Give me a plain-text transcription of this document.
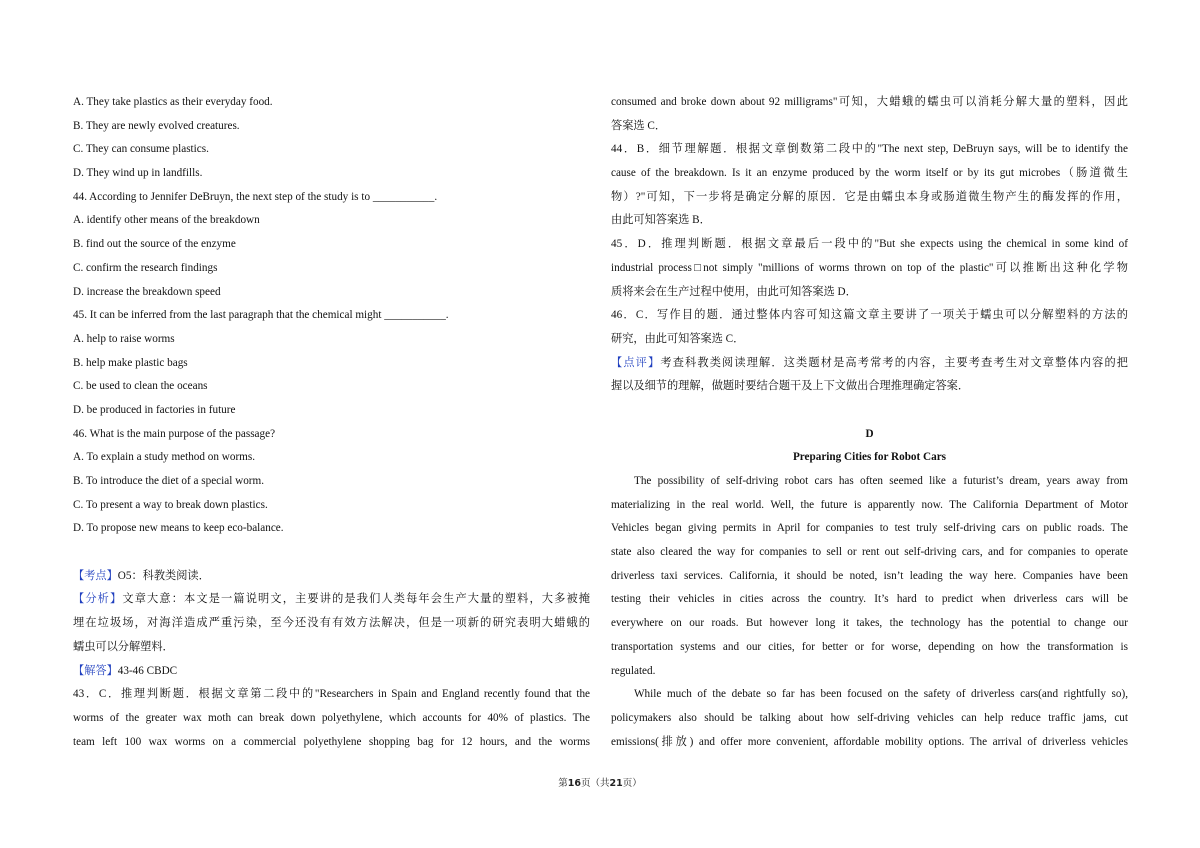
A. They take plastics as their everyday food.
B. They are newly evolved creatures.
C. They can consume plastics.
D. They wind up in landfills.
44. According to Jennifer DeBruyn, the next step of the study is to ___________.
A. identify other means of the breakdown
B. find out the source of the enzyme
C. confirm the research findings
D. increase the breakdown speed
45. It can be inferred from the last paragraph that the chemical might ___________.
A. help to raise worms
B. help make plastic bags
C. be used to clean the oceans
D. be produced in factories in future
46. What is the main purpose of the passage?
A. To explain a study method on worms.
B. To introduce the diet of a special worm.
C. To present a way to break down plastics.
D. To propose new means to keep eco-balance.
【考点】O5：科教类阅读．
【分析】文章大意：本文是一篇说明文，主要讲的是我们人类每年会生产大量的塑料，大多被掩
埋在垃圾场，对海洋造成严重污染，至今还没有有效方法解决，但是一项新的研究表明大蜡蛾的
蠕虫可以分解塑料．
【解答】43-46 CBDC
43．C．推理判断题．根据文章第二段中的"Researchers in Spain and England recently found that the
worms of the greater wax moth can break down polyethylene, which accounts for 40% of plastics. The
team left 100 wax worms on a commercial polyethylene shopping bag for 12 hours, and the worms
consumed and broke down about 92 milligrams"可知，大蜡蛾的蠕虫可以消耗分解大量的塑料，因此
答案选 C．
44．B．细节理解题．根据文章倒数第二段中的"The next step, DeBruyn says, will be to identify the
cause of the breakdown. Is it an enzyme produced by the worm itself or by its gut microbes（肠道微生
物）?"可知，下一步将是确定分解的原因．它是由蠕虫本身或肠道微生物产生的酶发挥的作用，
由此可知答案选 B．
45．D．推理判断题．根据文章最后一段中的"But she expects using the chemical in some kind of
industrial process□not simply "millions of worms thrown on top of the plastic"可以推断出这种化学物
质将来会在生产过程中使用，由此可知答案选 D．
46．C．写作目的题．通过整体内容可知这篇文章主要讲了一项关于蠕虫可以分解塑料的方法的
研究，由此可知答案选 C．
【点评】考查科教类阅读理解．这类题材是高考常考的内容，主要考查考生对文章整体内容的把
握以及细节的理解，做题时要结合题干及上下文做出合理推理确定答案．
D
Preparing Cities for Robot Cars
The possibility of self-driving robot cars has often seemed like a futurist’s dream, years away from
materializing in the real world. Well, the future is apparently now. The California Department of Motor
Vehicles began giving permits in April for companies to test truly self-driving cars on public roads. The
state also cleared the way for companies to sell or rent out self-driving cars, and for companies to operate
driverless taxi services. California, it should be noted, isn’t leading the way here. Companies have been
testing their vehicles in cities across the country. It’s hard to predict when driverless cars will be
everywhere on our roads. But however long it takes, the technology has the potential to change our
transportation systems and our cities, for better or for worse, depending on how the transformation is
regulated.
While much of the debate so far has been focused on the safety of driverless cars(and rightfully so),
policymakers also should be talking about how self-driving vehicles can help reduce traffic jams, cut
emissions(排放) and offer more convenient, affordable mobility options. The arrival of driverless vehicles
第16页（共21页）
